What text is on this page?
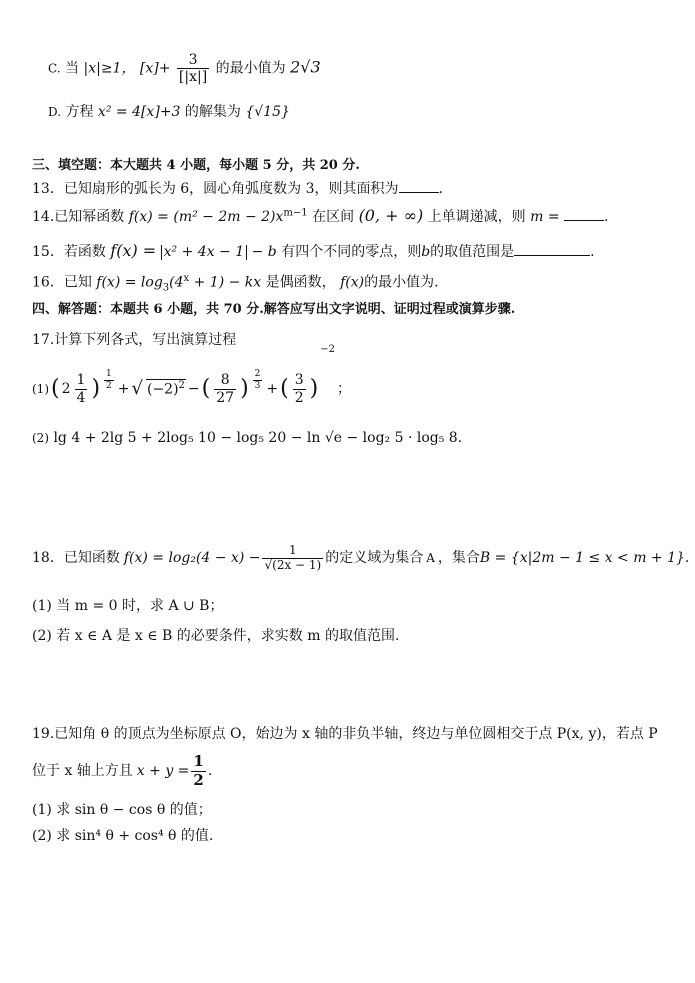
C. 当 |x|≥1， $[x]+ \frac{3}{[|x|]}$ 的最小值为 2√3
D. 方程 x² = 4[x]+3 的解集为 {√15}
三、填空题：本大题共 4 小题，每小题 5 分，共 20 分.
13．已知扇形的弧长为 6，圆心角弧度数为 3，则其面积为	.
14.已知幂函数 $f(x) = (m^2 - 2m - 2)x^{m-1}$ 在区间 (0, + ∞) 上单调递减，则 m =	.
15．若函数 f(x) = x² + 4x − 1 − b 有四个不同的零点，则b的取值范围是	.
16．已知 $f(x) = \log_3(4^x + 1)$ − kx 是偶函数， f(x)的最小值为.
四、解答题：本题共 6 小题，共 70 分.解答应写出文字说明、证明过程或演算步骤.
17.计算下列各式，写出演算过程
(1) ( $2 \frac{1}{4}$ ) $\frac{1}{2}$ + √ $(-2)^2$ − ( $\frac{8}{27}$ ) $\frac{2}{3}$ + ( $\frac{3}{2}$ )
−2
；
(2) lg 4 + 2lg 5 + 2log₅ 10 − log₅ 20 − ln √e − log₂ 5 · log₅ 8.
18．已知函数 $f(x) = \log_2(4 - x) - \frac{1}{√(2x - 1)}$ 的定义域为集合 A ，集合 B = {x|2m − 1 ≤ x < m + 1}.
(1) 当 m = 0 时，求 A ∪ B；
(2) 若 x ∈ A 是 x ∈ B 的必要条件，求实数 m 的取值范围.
19.已知角 θ 的顶点为坐标原点 O，始边为 x 轴的非负半轴，终边与单位圆相交于点 P(x, y)，若点 P
位于 x 轴上方且 $x + y = \frac{1}{2}$ .
(1) 求 sin θ − cos θ 的值；
(2) 求 sin⁴ θ + cos⁴ θ 的值.
